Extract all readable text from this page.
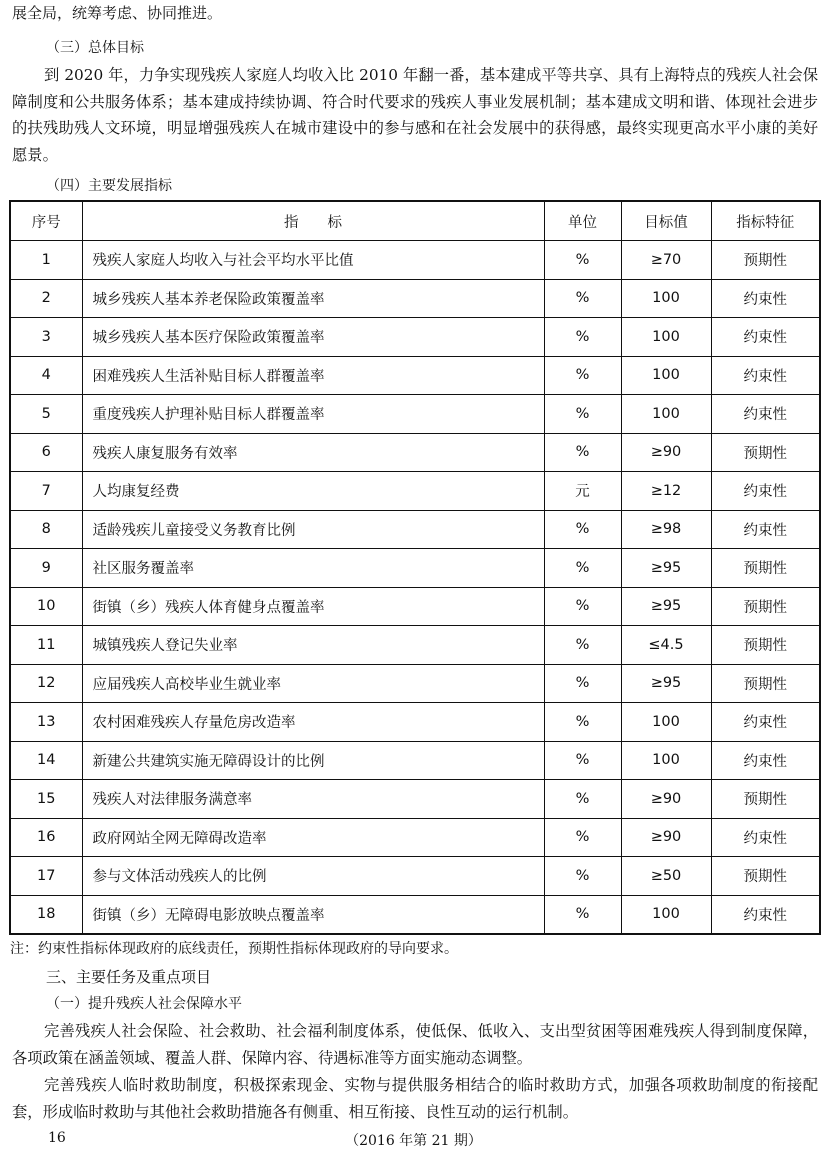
展全局，统筹考虑、协同推进。
（三）总体目标
到 2020 年，力争实现残疾人家庭人均收入比 2010 年翻一番，基本建成平等共享、具有上海特点的残疾人社会保障制度和公共服务体系；基本建成持续协调、符合时代要求的残疾人事业发展机制；基本建成文明和谐、体现社会进步的扶残助残人文环境，明显增强残疾人在城市建设中的参与感和在社会发展中的获得感，最终实现更高水平小康的美好愿景。
（四）主要发展指标
序号	指　　标	单位	目标值	指标特征
1	残疾人家庭人均收入与社会平均水平比值	%	≥70	预期性
2	城乡残疾人基本养老保险政策覆盖率	%	100	约束性
3	城乡残疾人基本医疗保险政策覆盖率	%	100	约束性
4	困难残疾人生活补贴目标人群覆盖率	%	100	约束性
5	重度残疾人护理补贴目标人群覆盖率	%	100	约束性
6	残疾人康复服务有效率	%	≥90	预期性
7	人均康复经费	元	≥12	约束性
8	适龄残疾儿童接受义务教育比例	%	≥98	约束性
9	社区服务覆盖率	%	≥95	预期性
10	街镇（乡）残疾人体育健身点覆盖率	%	≥95	预期性
11	城镇残疾人登记失业率	%	≤4.5	预期性
12	应届残疾人高校毕业生就业率	%	≥95	预期性
13	农村困难残疾人存量危房改造率	%	100	约束性
14	新建公共建筑实施无障碍设计的比例	%	100	约束性
15	残疾人对法律服务满意率	%	≥90	预期性
16	政府网站全网无障碍改造率	%	≥90	约束性
17	参与文体活动残疾人的比例	%	≥50	预期性
18	街镇（乡）无障碍电影放映点覆盖率	%	100	约束性
注：约束性指标体现政府的底线责任，预期性指标体现政府的导向要求。
三、主要任务及重点项目
（一）提升残疾人社会保障水平
完善残疾人社会保险、社会救助、社会福利制度体系，使低保、低收入、支出型贫困等困难残疾人得到制度保障，各项政策在涵盖领域、覆盖人群、保障内容、待遇标准等方面实施动态调整。
完善残疾人临时救助制度，积极探索现金、实物与提供服务相结合的临时救助方式，加强各项救助制度的衔接配套，形成临时救助与其他社会救助措施各有侧重、相互衔接、良性互动的运行机制。
（2016 年第 21 期）
16
